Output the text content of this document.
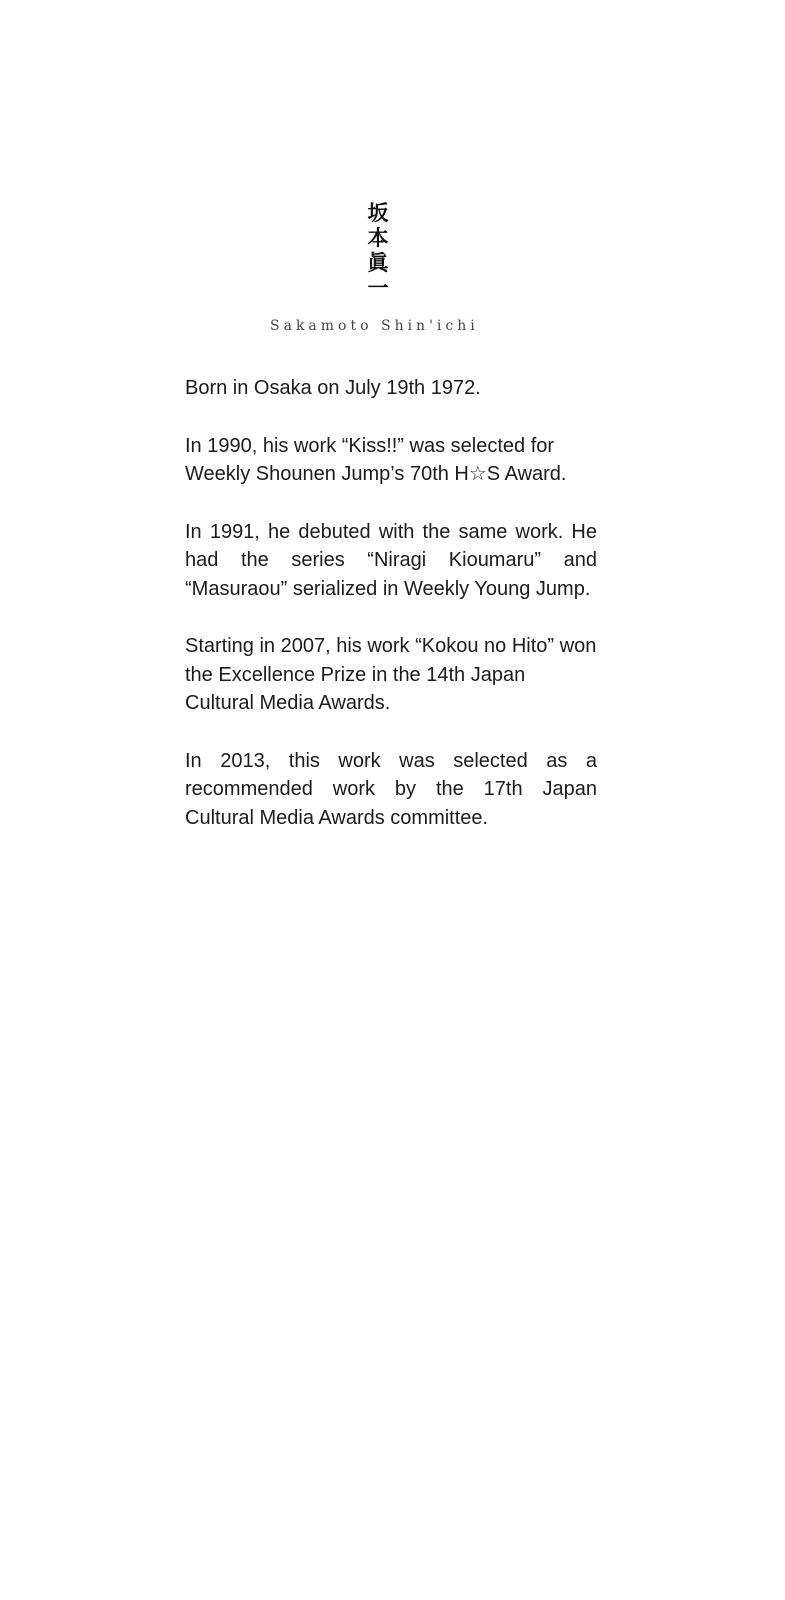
坂
本
眞
一
Sakamoto Shin'ichi

Born in Osaka on July 19th 1972.

In 1990, his work “Kiss!!” was selected for Weekly Shounen Jump’s 70th H☆S Award.

In 1991, he debuted with the same work. He had the series “Niragi Kioumaru” and “Masuraou” serialized in Weekly Young Jump.

Starting in 2007, his work “Kokou no Hito” won the Excellence Prize in the 14th Japan Cultural Media Awards.

In 2013, this work was selected as a recommended work by the 17th Japan Cultural Media Awards committee.
